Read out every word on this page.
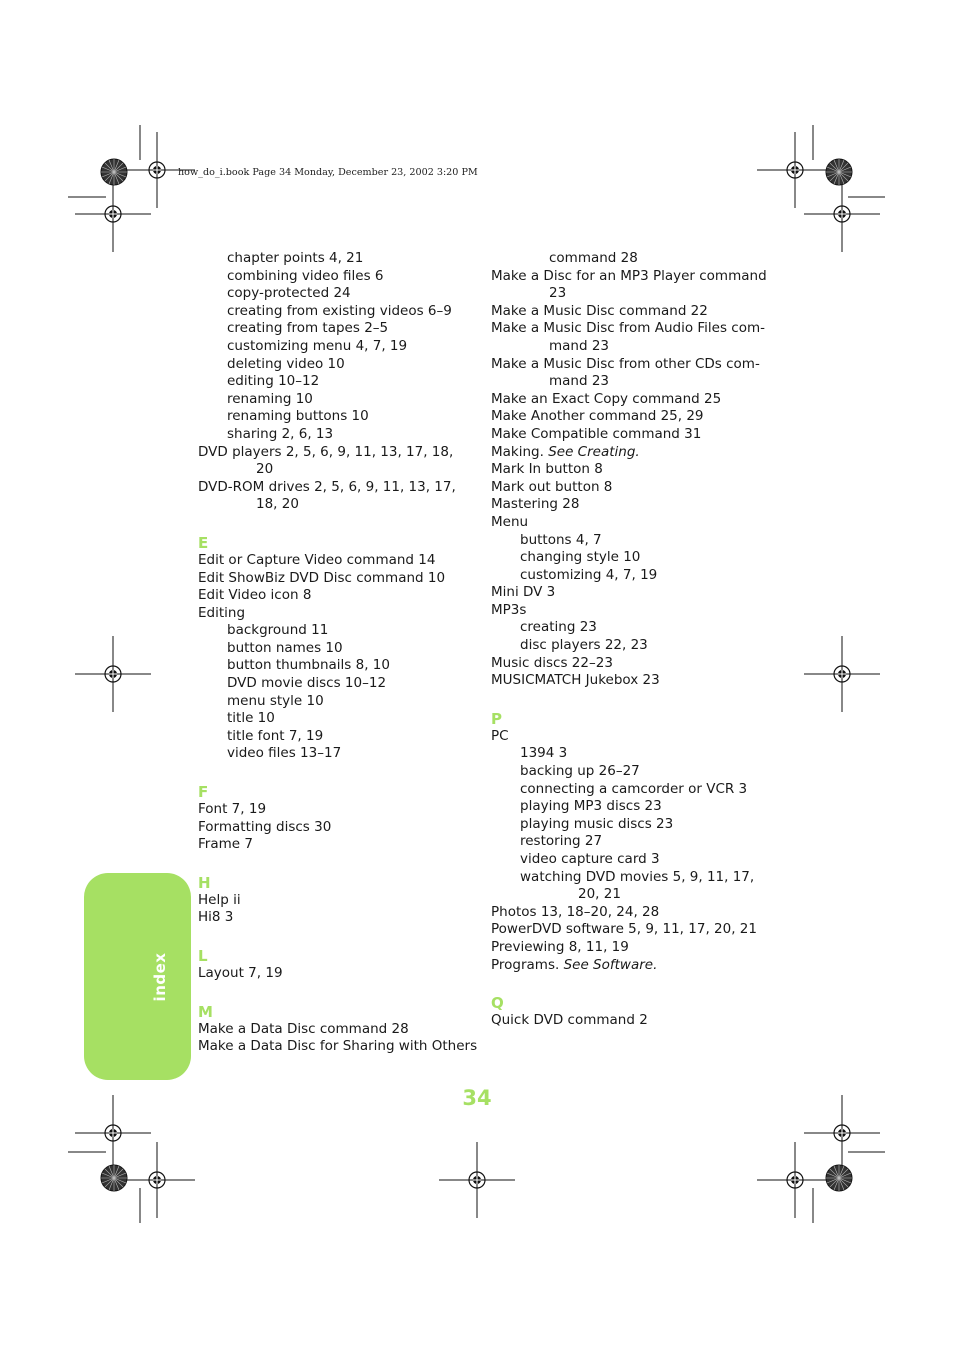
how_do_i.book Page 34 Monday, December 23, 2002 3:20 PM
index
chapter points 4, 21
combining video files 6
copy-protected 24
creating from existing videos 6–9
creating from tapes 2–5
customizing menu 4, 7, 19
deleting video 10
editing 10–12
renaming 10
renaming buttons 10
sharing 2, 6, 13
DVD players 2, 5, 6, 9, 11, 13, 17, 18,
20
DVD-ROM drives 2, 5, 6, 9, 11, 13, 17,
18, 20
E
Edit or Capture Video command 14
Edit ShowBiz DVD Disc command 10
Edit Video icon 8
Editing
background 11
button names 10
button thumbnails 8, 10
DVD movie discs 10–12
menu style 10
title 10
title font 7, 19
video files 13–17
F
Font 7, 19
Formatting discs 30
Frame 7
H
Help ii
Hi8 3
L
Layout 7, 19
M
Make a Data Disc command 28
Make a Data Disc for Sharing with Others
command 28
Make a Disc for an MP3 Player command
23
Make a Music Disc command 22
Make a Music Disc from Audio Files com-
mand 23
Make a Music Disc from other CDs com-
mand 23
Make an Exact Copy command 25
Make Another command 25, 29
Make Compatible command 31
Making. See Creating.
Mark In button 8
Mark out button 8
Mastering 28
Menu
buttons 4, 7
changing style 10
customizing 4, 7, 19
Mini DV 3
MP3s
creating 23
disc players 22, 23
Music discs 22–23
MUSICMATCH Jukebox 23
P
PC
1394 3
backing up 26–27
connecting a camcorder or VCR 3
playing MP3 discs 23
playing music discs 23
restoring 27
video capture card 3
watching DVD movies 5, 9, 11, 17,
20, 21
Photos 13, 18–20, 24, 28
PowerDVD software 5, 9, 11, 17, 20, 21
Previewing 8, 11, 19
Programs. See Software.
Q
Quick DVD command 2
34
